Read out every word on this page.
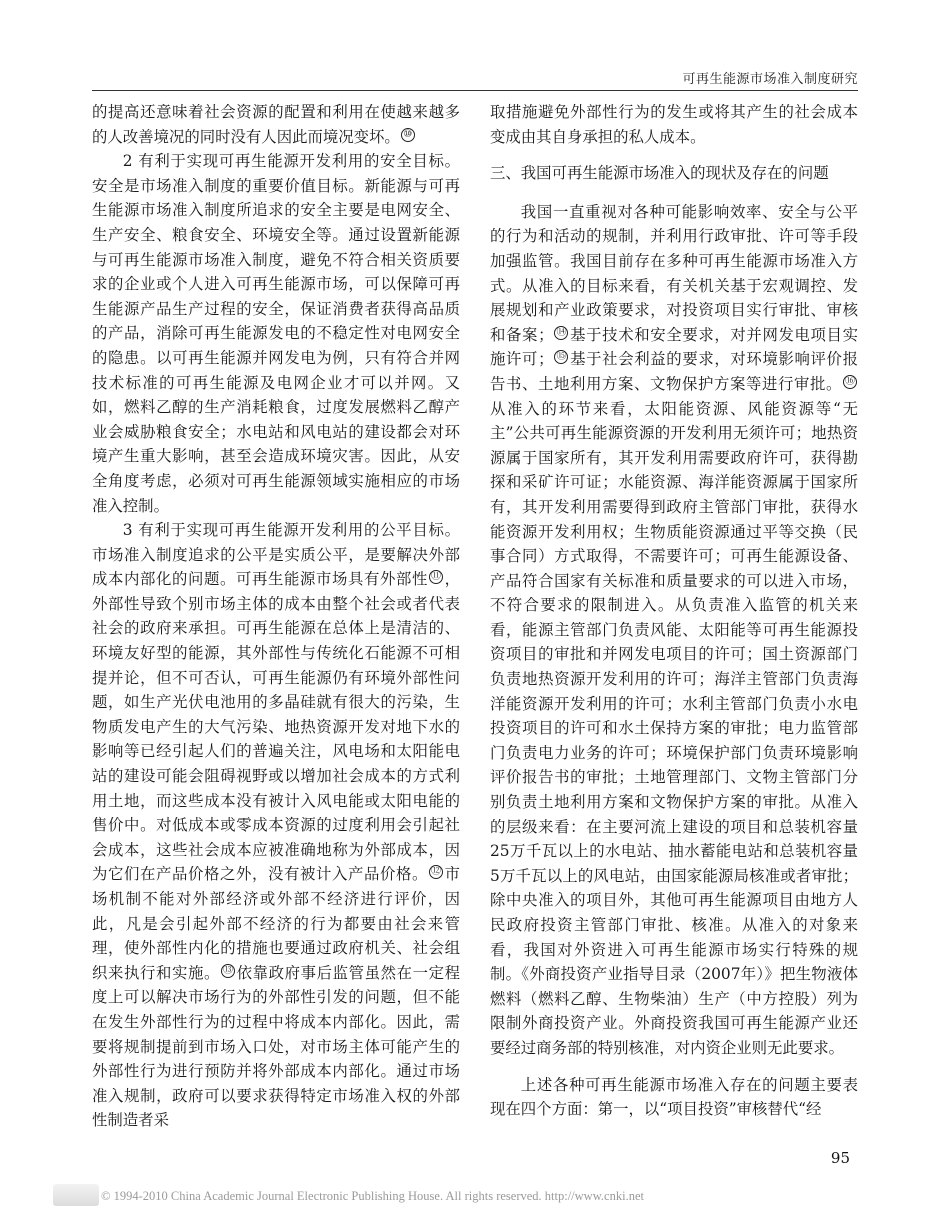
可再生能源市场准入制度研究

的提高还意味着社会资源的配置和利用在使越来越多的人改善境况的同时没有人因此而境况变坏。 ⑩

2 有利于实现可再生能源开发利用的安全目标。安全是市场准入制度的重要价值目标。新能源与可再生能源市场准入制度所追求的安全主要是电网安全、生产安全、粮食安全、环境安全等。通过设置新能源与可再生能源市场准入制度，避免不符合相关资质要求的企业或个人进入可再生能源市场，可以保障可再生能源产品生产过程的安全，保证消费者获得高品质的产品，消除可再生能源发电的不稳定性对电网安全的隐患。以可再生能源并网发电为例，只有符合并网技术标准的可再生能源及电网企业才可以并网。又如，燃料乙醇的生产消耗粮食，过度发展燃料乙醇产业会威胁粮食安全；水电站和风电站的建设都会对环境产生重大影响，甚至会造成环境灾害。因此，从安全角度考虑，必须对可再生能源领域实施相应的市场准入控制。

3 有利于实现可再生能源开发利用的公平目标。市场准入制度追求的公平是实质公平，是要解决外部成本内部化的问题。可再生能源市场具有外部性 ⑪ ，外部性导致个别市场主体的成本由整个社会或者代表社会的政府来承担。可再生能源在总体上是清洁的、环境友好型的能源，其外部性与传统化石能源不可相提并论，但不可否认，可再生能源仍有环境外部性问题，如生产光伏电池用的多晶硅就有很大的污染，生物质发电产生的大气污染、地热资源开发对地下水的影响等已经引起人们的普遍关注，风电场和太阳能电站的建设可能会阻碍视野或以增加社会成本的方式利用土地，而这些成本没有被计入风电能或太阳电能的售价中。对低成本或零成本资源的过度利用会引起社会成本，这些社会成本应被准确地称为外部成本，因为它们在产品价格之外，没有被计入产品价格。 ⑫ 市场机制不能对外部经济或外部不经济进行评价，因此，凡是会引起外部不经济的行为都要由社会来管理，使外部性内化的措施也要通过政府机关、社会组织来执行和实施。 ⑬ 依靠政府事后监管虽然在一定程度上可以解决市场行为的外部性引发的问题，但不能在发生外部性行为的过程中将成本内部化。因此，需要将规制提前到市场入口处，对市场主体可能产生的外部性行为进行预防并将外部成本内部化。通过市场准入规制，政府可以要求获得特定市场准入权的外部性制造者采

取措施避免外部性行为的发生或将其产生的社会成本变成由其自身承担的私人成本。

三、我国可再生能源市场准入的现状及存在的问题

我国一直重视对各种可能影响效率、安全与公平的行为和活动的规制，并利用行政审批、许可等手段加强监管。我国目前存在多种可再生能源市场准入方式。从准入的目标来看，有关机关基于宏观调控、发展规划和产业政策要求，对投资项目实行审批、审核和备案； ⑭ 基于技术和安全要求，对并网发电项目实施许可； ⑮ 基于社会利益的要求，对环境影响评价报告书、土地利用方案、文物保护方案等进行审批。 ⑯从准入的环节来看，太阳能资源、风能资源等“无主”公共可再生能源资源的开发利用无须许可；地热资源属于国家所有，其开发利用需要政府许可，获得勘探和采矿许可证；水能资源、海洋能资源属于国家所有，其开发利用需要得到政府主管部门审批，获得水能资源开发利用权；生物质能资源通过平等交换（民事合同）方式取得，不需要许可；可再生能源设备、产品符合国家有关标准和质量要求的可以进入市场，不符合要求的限制进入。从负责准入监管的机关来看，能源主管部门负责风能、太阳能等可再生能源投资项目的审批和并网发电项目的许可；国土资源部门负责地热资源开发利用的许可；海洋主管部门负责海洋能资源开发利用的许可；水利主管部门负责小水电投资项目的许可和水土保持方案的审批；电力监管部门负责电力业务的许可；环境保护部门负责环境影响评价报告书的审批；土地管理部门、文物主管部门分别负责土地利用方案和文物保护方案的审批。从准入的层级来看：在主要河流上建设的项目和总装机容量 25万千瓦以上的水电站、抽水蓄能电站和总装机容量 5万千瓦以上的风电站，由国家能源局核准或者审批；除中央准入的项目外，其他可再生能源项目由地方人民政府投资主管部门审批、核准。从准入的对象来看，我国对外资进入可再生能源市场实行特殊的规制。《外商投资产业指导目录（2007年）》把生物液体燃料（燃料乙醇、生物柴油）生产（中方控股）列为限制外商投资产业。外商投资我国可再生能源产业还要经过商务部的特别核准，对内资企业则无此要求。

上述各种可再生能源市场准入存在的问题主要表现在四个方面：第一，以“项目投资”审核替代“经

95
© 1994-2010 China Academic Journal Electronic Publishing House. All rights reserved. http://www.cnki.net
